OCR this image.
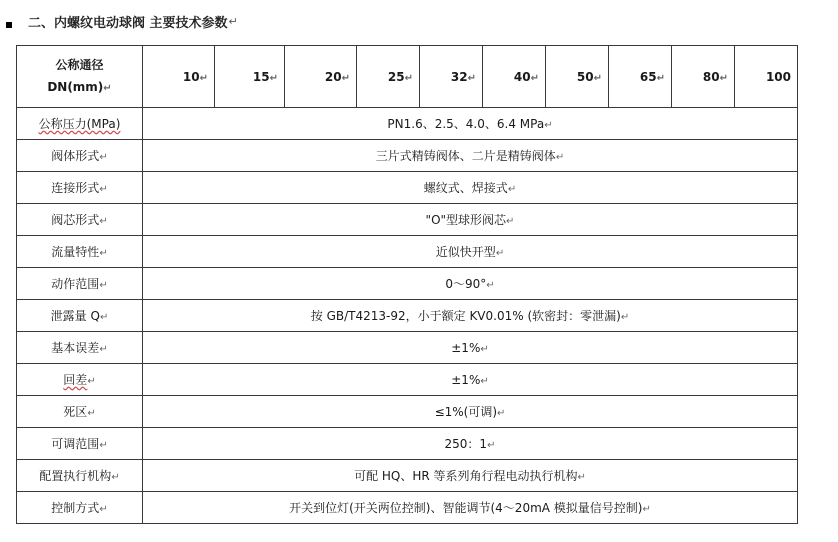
二、内螺纹电动球阀 主要技术参数 ↵
公称通径
DN(mm)↵	10↵	15↵	20↵	25↵	32↵	40↵	50↵	65↵	80↵	100
公称压力(MPa)	PN1.6、2.5、4.0、6.4 MPa↵									
阀体形式↵	三片式精铸阀体、二片是精铸阀体↵									
连接形式↵	螺纹式、焊接式↵									
阀芯形式↵	"O"型球形阀芯↵									
流量特性↵	近似快开型↵									
动作范围↵	0～90°↵									
泄露量 Q↵	按 GB/T4213-92，小于额定 KV0.01% (软密封：零泄漏)↵									
基本误差↵	±1%↵									
回差↵	±1%↵									
死区↵	≤1%(可调)↵									
可调范围↵	250：1↵									
配置执行机构↵	可配 HQ、HR 等系列角行程电动执行机构↵									
控制方式↵	开关到位灯(开关两位控制)、智能调节(4～20mA 模拟量信号控制)↵									
